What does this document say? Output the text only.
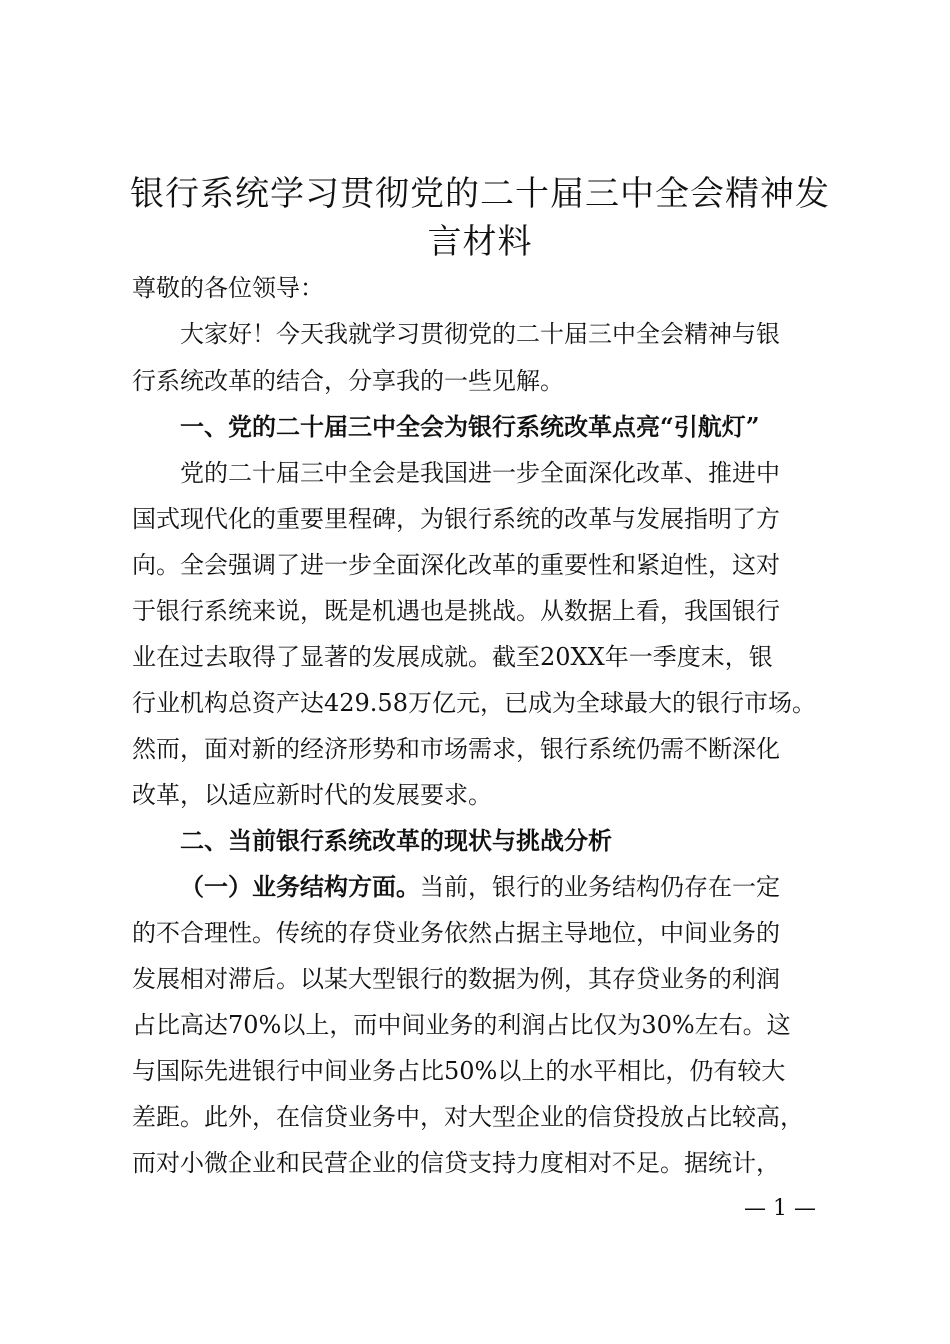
银行系统学习贯彻党的二十届三中全会精神发言材料

尊敬的各位领导：

大家好！今天我就学习贯彻党的二十届三中全会精神与银

行系统改革的结合，分享我的一些见解。

一、党的二十届三中全会为银行系统改革点亮“引航灯”

党的二十届三中全会是我国进一步全面深化改革、推进中

国式现代化的重要里程碑，为银行系统的改革与发展指明了方

向。全会强调了进一步全面深化改革的重要性和紧迫性，这对

于银行系统来说，既是机遇也是挑战。从数据上看，我国银行

业在过去取得了显著的发展成就。截至20XX年一季度末，银

行业机构总资产达429.58万亿元，已成为全球最大的银行市场。

然而，面对新的经济形势和市场需求，银行系统仍需不断深化

改革，以适应新时代的发展要求。

二、当前银行系统改革的现状与挑战分析

（一）业务结构方面。当前，银行的业务结构仍存在一定

的不合理性。传统的存贷业务依然占据主导地位，中间业务的

发展相对滞后。以某大型银行的数据为例，其存贷业务的利润

占比高达70%以上，而中间业务的利润占比仅为30%左右。这

与国际先进银行中间业务占比50%以上的水平相比，仍有较大

差距。此外，在信贷业务中，对大型企业的信贷投放占比较高，

而对小微企业和民营企业的信贷支持力度相对不足。据统计，

— 1 —
